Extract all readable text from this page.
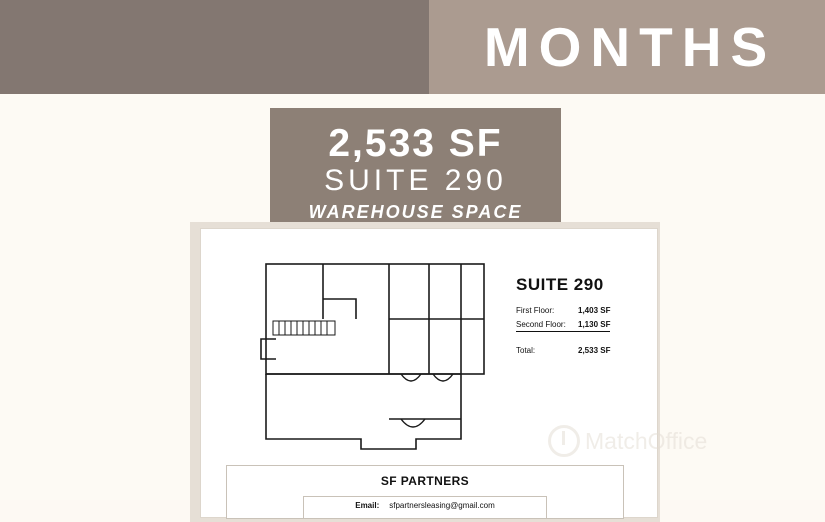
MONTHS
2,533 SF
SUITE 290
WAREHOUSE SPACE
SUITE 290
First Floor:	1,403 SF
Second Floor:	1,130 SF
Total:	2,533 SF
SF PARTNERS
Email: sfpartnersleasing@gmail.com
MatchOffice
